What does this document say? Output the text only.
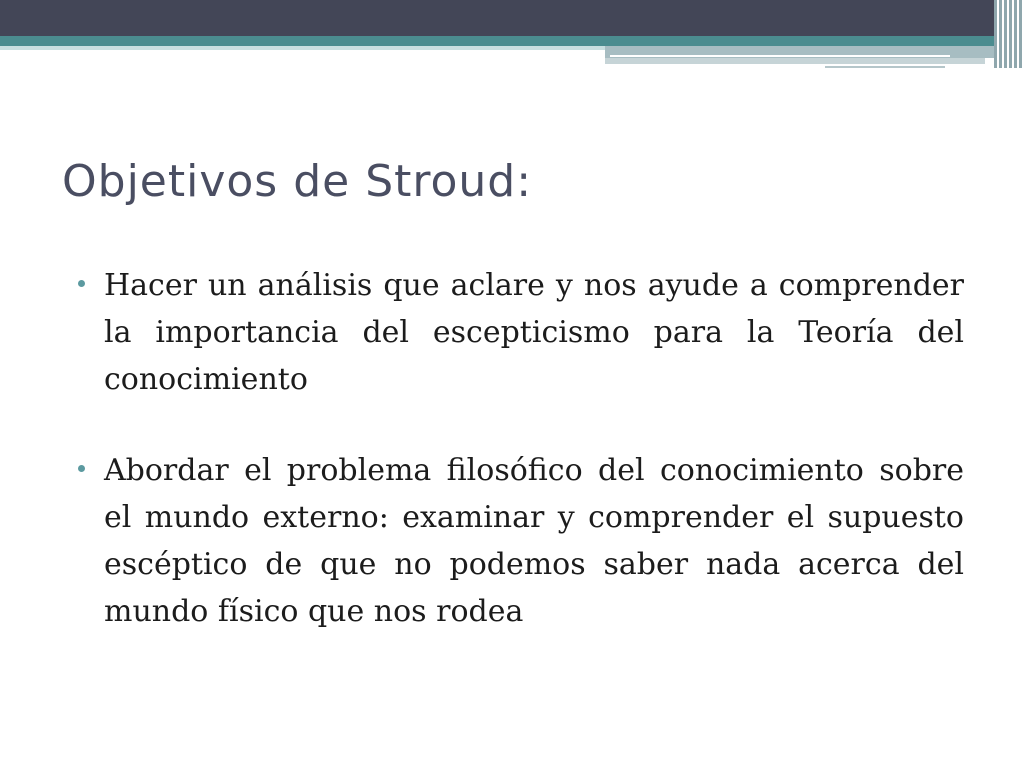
Objetivos de Stroud:
Hacer un análisis que aclare y nos ayude a comprender la importancia del escepticismo para la Teoría del conocimiento
Abordar el problema filosófico del conocimiento sobre el mundo externo: examinar y comprender el supuesto escéptico de que no podemos saber nada acerca del mundo físico que nos rodea
